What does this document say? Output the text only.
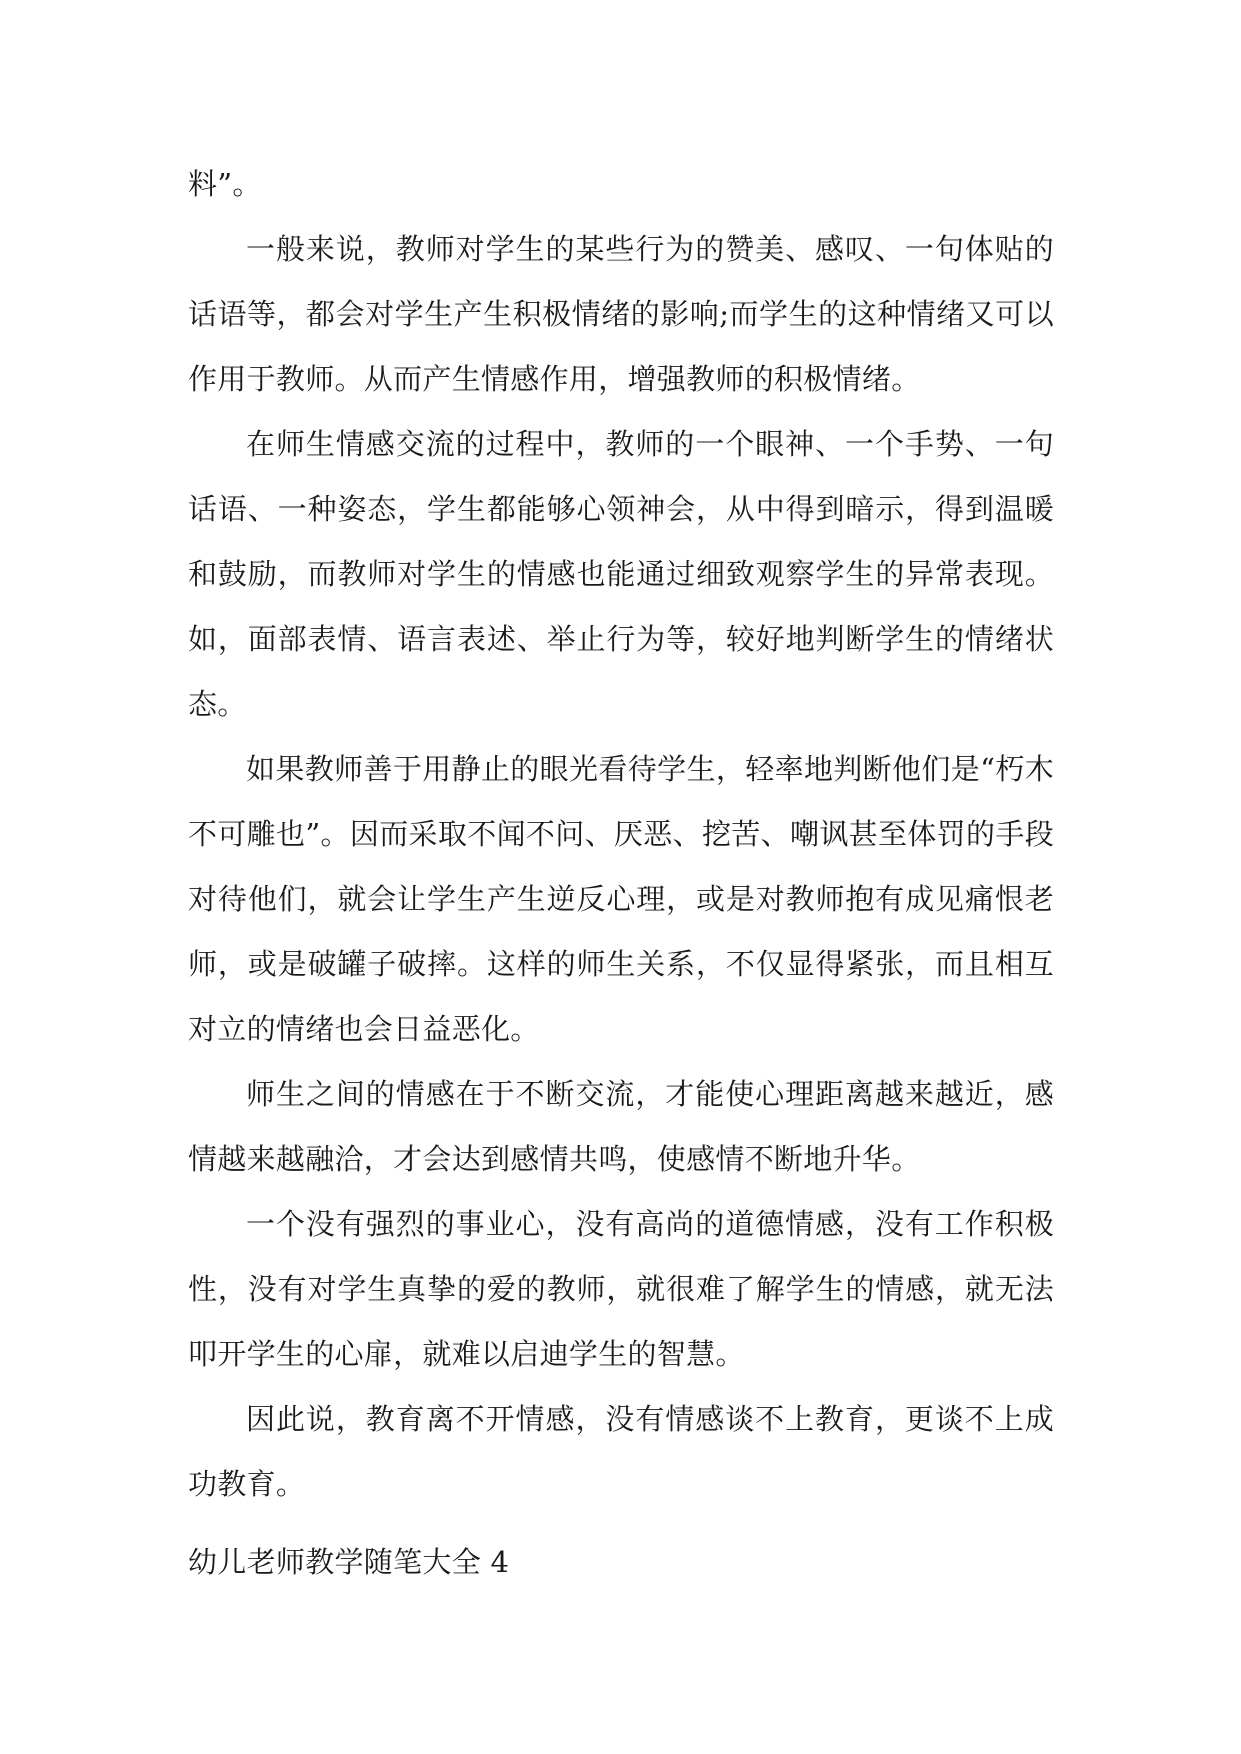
料”。

一般来说，教师对学生的某些行为的赞美、感叹、一句体贴的话语等，都会对学生产生积极情绪的影响;而学生的这种情绪又可以作用于教师。从而产生情感作用，增强教师的积极情绪。

在师生情感交流的过程中，教师的一个眼神、一个手势、一句话语、一种姿态，学生都能够心领神会，从中得到暗示，得到温暖和鼓励，而教师对学生的情感也能通过细致观察学生的异常表现。如，面部表情、语言表述、举止行为等，较好地判断学生的情绪状态。

如果教师善于用静止的眼光看待学生，轻率地判断他们是“朽木不可雕也”。因而采取不闻不问、厌恶、挖苦、嘲讽甚至体罚的手段对待他们，就会让学生产生逆反心理，或是对教师抱有成见痛恨老师，或是破罐子破摔。这样的师生关系，不仅显得紧张，而且相互对立的情绪也会日益恶化。

师生之间的情感在于不断交流，才能使心理距离越来越近，感情越来越融洽，才会达到感情共鸣，使感情不断地升华。

一个没有强烈的事业心，没有高尚的道德情感，没有工作积极性，没有对学生真挚的爱的教师，就很难了解学生的情感，就无法叩开学生的心扉，就难以启迪学生的智慧。

因此说，教育离不开情感，没有情感谈不上教育，更谈不上成功教育。

幼儿老师教学随笔大全 4
